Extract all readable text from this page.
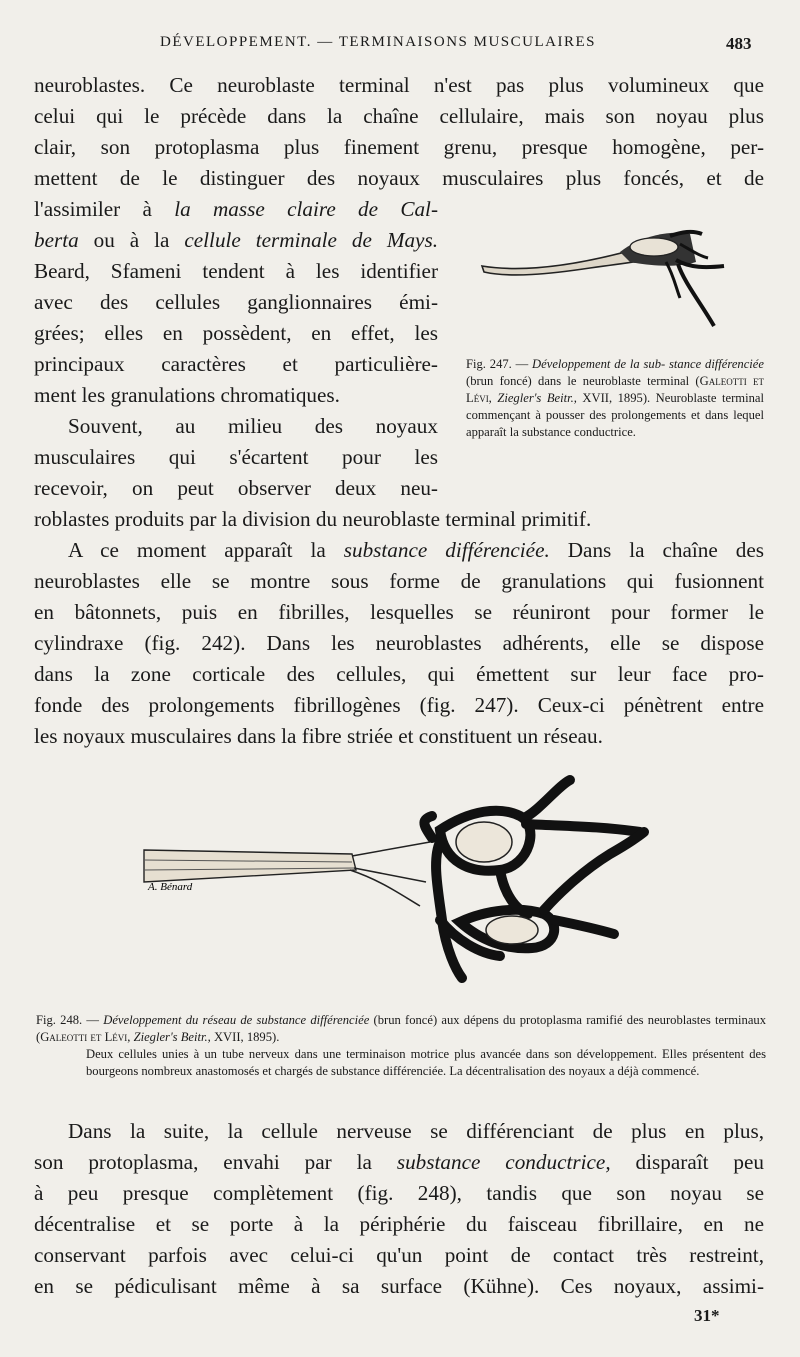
DÉVELOPPEMENT. — TERMINAISONS MUSCULAIRES	483
neuroblastes. Ce neuroblaste terminal n'est pas plus volumineux que
celui qui le précède dans la chaîne cellulaire, mais son noyau plus
clair, son protoplasma plus finement grenu, presque homogène, per-
mettent de le distinguer des noyaux musculaires plus foncés, et de
l'assimiler à la masse claire de Cal-
berta ou à la cellule terminale de Mays.
Beard, Sfameni tendent à les identifier
avec des cellules ganglionnaires émi-
grées; elles en possèdent, en effet, les
principaux caractères et particulière-
ment les granulations chromatiques.
Souvent, au milieu des noyaux
musculaires qui s'écartent pour les
recevoir, on peut observer deux neu-
Fig. 247. — Développement de la sub- stance différenciée (brun foncé) dans le neuroblaste terminal (Galeotti et Lévi, Ziegler's Beitr., XVII, 1895). Neuroblaste terminal commençant à pousser des prolongements et dans lequel apparaît la substance conductrice.
roblastes produits par la division du neuroblaste terminal primitif.
A ce moment apparaît la substance différenciée. Dans la chaîne des
neuroblastes elle se montre sous forme de granulations qui fusionnent
en bâtonnets, puis en fibrilles, lesquelles se réuniront pour former le
cylindraxe (fig. 242). Dans les neuroblastes adhérents, elle se dispose
dans la zone corticale des cellules, qui émettent sur leur face pro-
fonde des prolongements fibrillogènes (fig. 247). Ceux-ci pénètrent entre
les noyaux musculaires dans la fibre striée et constituent un réseau.
A. Bénard
Fig. 248. — Développement du réseau de substance différenciée (brun foncé) aux dépens du protoplasma ramifié des neuroblastes terminaux (Galeotti et Lévi, Ziegler's Beitr., XVII, 1895).
Deux cellules unies à un tube nerveux dans une terminaison motrice plus avancée dans son développement. Elles présentent des bourgeons nombreux anastomosés et chargés de substance différenciée. La décentralisation des noyaux a déjà commencé.
Dans la suite, la cellule nerveuse se différenciant de plus en plus,
son protoplasma, envahi par la substance conductrice, disparaît peu
à peu presque complètement (fig. 248), tandis que son noyau se
décentralise et se porte à la périphérie du faisceau fibrillaire, en ne
conservant parfois avec celui-ci qu'un point de contact très restreint,
en se pédiculisant même à sa surface (Kühne). Ces noyaux, assimi-
31*
